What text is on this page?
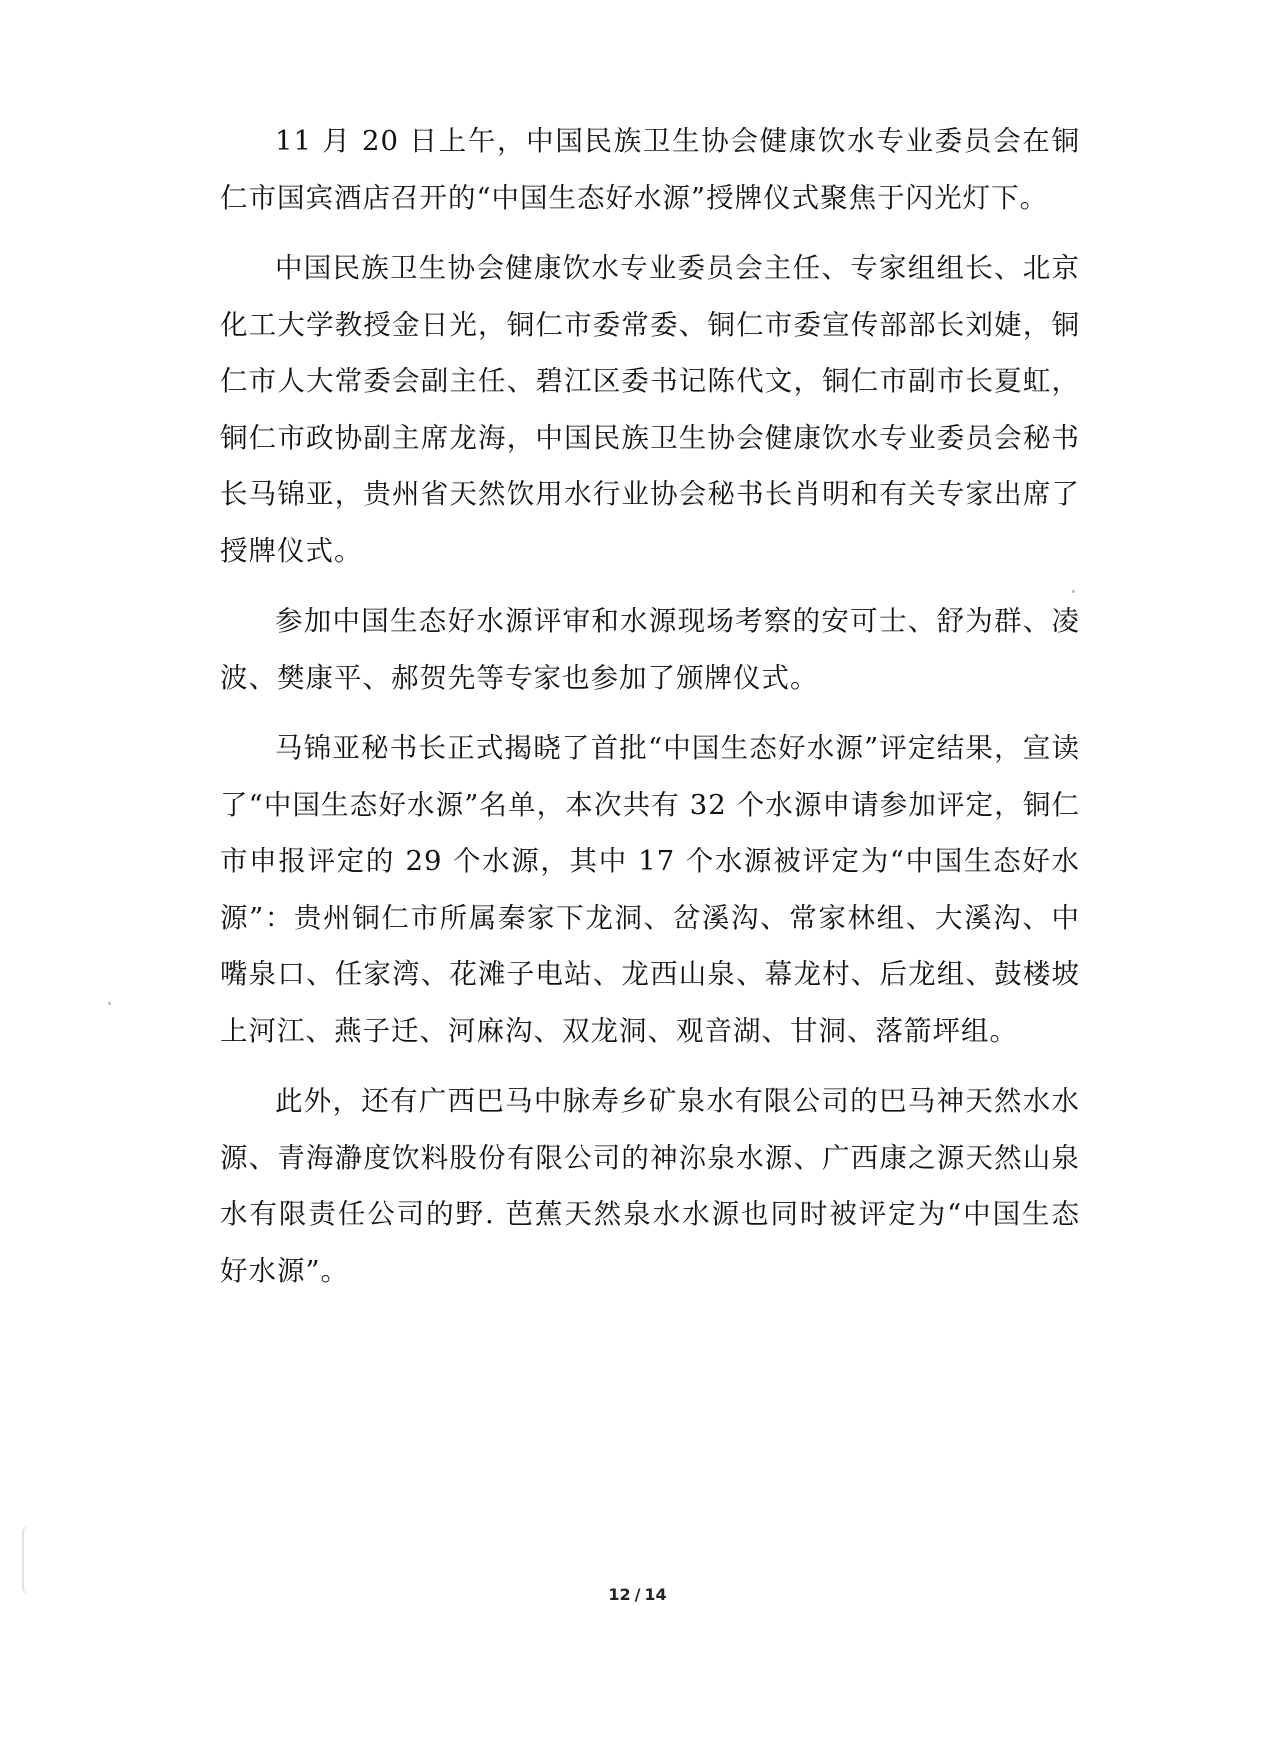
11 月 20 日上午，中国民族卫生协会健康饮水专业委员会在铜仁市国宾酒店召开的“中国生态好水源”授牌仪式聚焦于闪光灯下。

中国民族卫生协会健康饮水专业委员会主任、专家组组长、北京化工大学教授金日光，铜仁市委常委、铜仁市委宣传部部长刘婕，铜仁市人大常委会副主任、碧江区委书记陈代文，铜仁市副市长夏虹，铜仁市政协副主席龙海，中国民族卫生协会健康饮水专业委员会秘书长马锦亚，贵州省天然饮用水行业协会秘书长肖明和有关专家出席了授牌仪式。

参加中国生态好水源评审和水源现场考察的安可士、舒为群、凌波、樊康平、郝贺先等专家也参加了颁牌仪式。

马锦亚秘书长正式揭晓了首批“中国生态好水源”评定结果，宣读了“中国生态好水源”名单，本次共有 32 个水源申请参加评定，铜仁市申报评定的 29 个水源，其中 17 个水源被评定为“中国生态好水源”：贵州铜仁市所属秦家下龙洞、岔溪沟、常家林组、大溪沟、中嘴泉口、任家湾、花滩子电站、龙西山泉、幕龙村、后龙组、鼓楼坡上河江、燕子迁、河麻沟、双龙洞、观音湖、甘洞、落箭坪组。

此外，还有广西巴马中脉寿乡矿泉水有限公司的巴马神天然水水源、青海瀞度饮料股份有限公司的神沵泉水源、广西康之源天然山泉水有限责任公司的野. 芭蕉天然泉水水源也同时被评定为“中国生态好水源”。

12 / 14
